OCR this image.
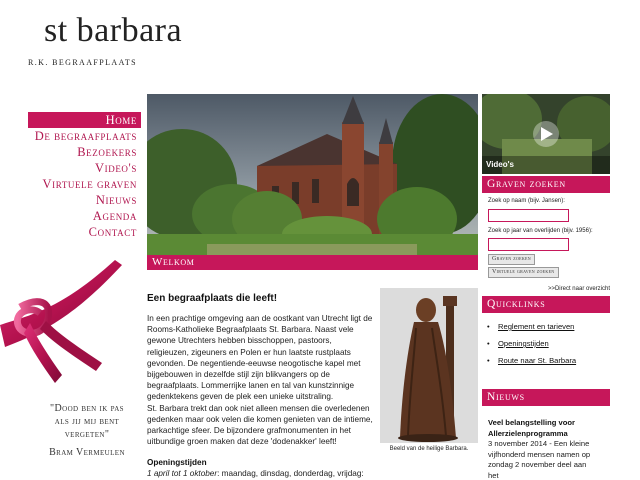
st barbara
R.K. BEGRAAFPLAATS
Home
De begraafplaats
Bezoekers
Video's
Virtuele graven
Nieuws
Agenda
Contact
"Dood ben ik pas
als jij mij bent
vergeten"
Bram Vermeulen
Welkom
Een begraafplaats die leeft!
In een prachtige omgeving aan de oostkant van Utrecht ligt de Rooms-Katholieke Begraafplaats St. Barbara. Naast vele gewone Utrechters hebben bisschoppen, pastoors, religieuzen, zigeuners en Polen er hun laatste rustplaats gevonden. De negentiende-eeuwse neogotische kapel met bijgebouwen in dezelfde stijl zijn blikvangers op de begraafplaats. Lommerrijke lanen en tal van kunstzinnige gedenktekens geven de plek een unieke uitstraling.
St. Barbara trekt dan ook niet alleen mensen die overledenen gedenken maar ook velen die komen genieten van de intieme, parkachtige sfeer. De bijzondere grafmonumenten in het uitbundige groen maken dat deze 'dodenakker' leeft!
Openingstijden
1 april tot 1 oktober: maandag, dinsdag, donderdag, vrijdag:
Beeld van de heilige Barbara.
Video's
Graven zoeken
Zoek op naam (bijv. Jansen):
Zoek op jaar van overlijden (bijv. 1956):
Graven zoeken
Virtuele graven zoeken
>>Direct naar overzicht
Quicklinks
• Reglement en tarieven
• Openingstijden
• Route naar St. Barbara
Nieuws
Veel belangstelling voor Allerzielenprogramma
3 november 2014 - Een kleine vijfhonderd mensen namen op zondag 2 november deel aan het
